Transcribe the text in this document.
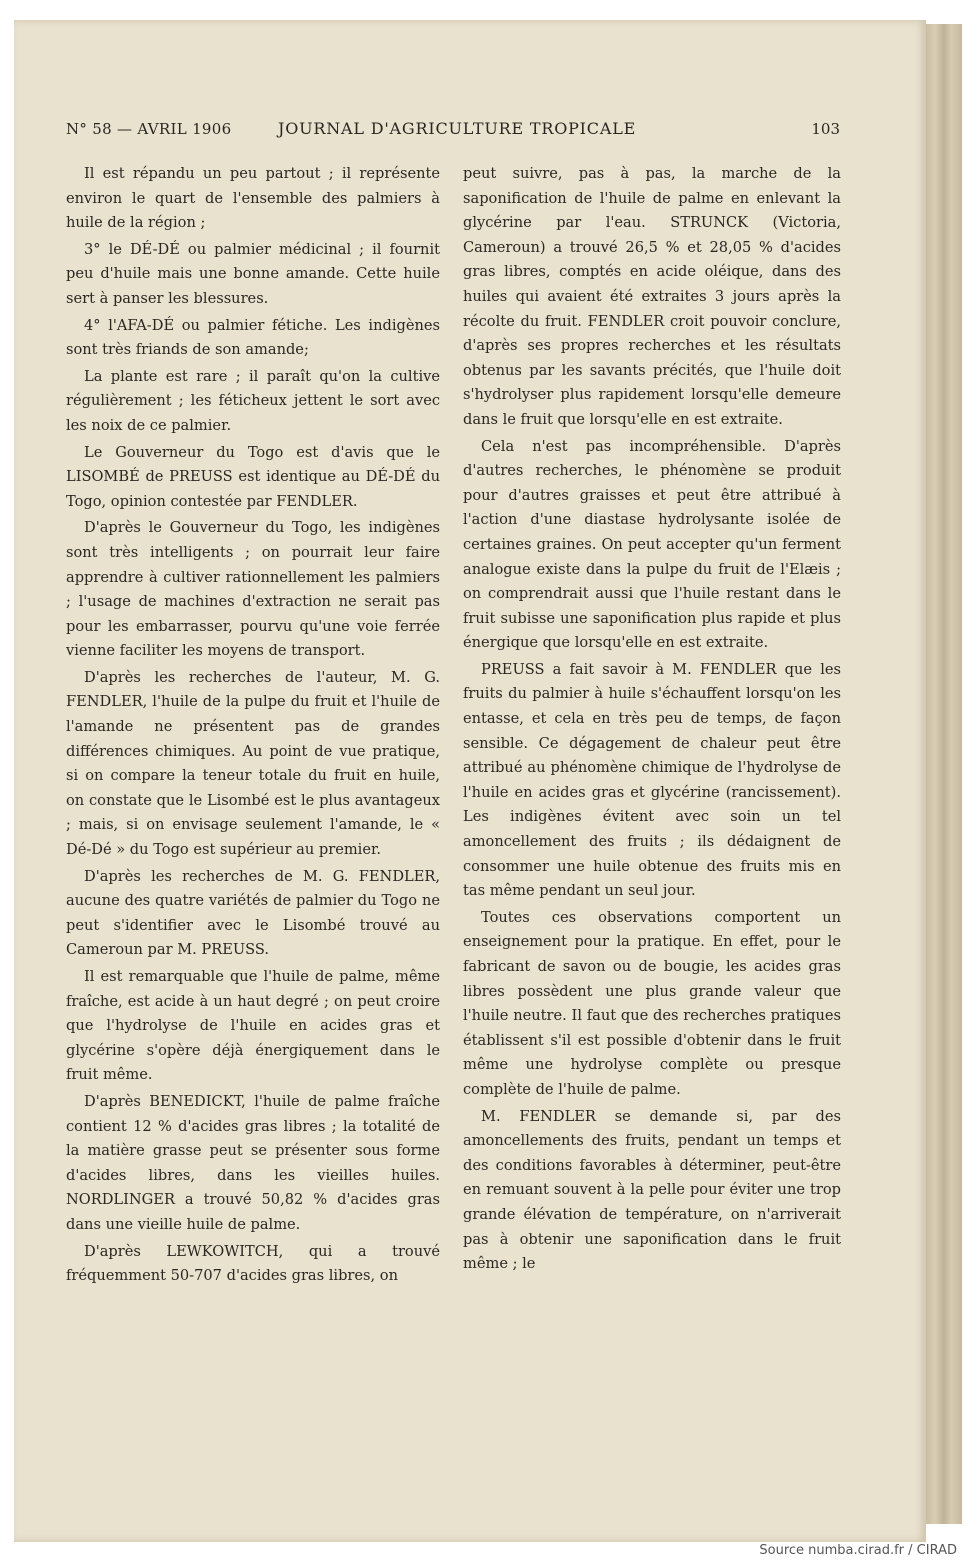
N° 58 — AVRIL 1906	JOURNAL D'AGRICULTURE TROPICALE	103

Il est répandu un peu partout ; il représente environ le quart de l'ensemble des palmiers à huile de la région ;

3° le DÉ-DÉ ou palmier médicinal ; il fournit peu d'huile mais une bonne amande. Cette huile sert à panser les blessures.

4° l'AFA-DÉ ou palmier fétiche. Les indigènes sont très friands de son amande;

La plante est rare ; il paraît qu'on la cultive régulièrement ; les féticheux jettent le sort avec les noix de ce palmier.

Le Gouverneur du Togo est d'avis que le LISOMBÉ de PREUSS est identique au DÉ-DÉ du Togo, opinion contestée par FENDLER.

D'après le Gouverneur du Togo, les indigènes sont très intelligents ; on pourrait leur faire apprendre à cultiver rationnellement les palmiers ; l'usage de machines d'extraction ne serait pas pour les embarrasser, pourvu qu'une voie ferrée vienne faciliter les moyens de transport.

D'après les recherches de l'auteur, M. G. FENDLER, l'huile de la pulpe du fruit et l'huile de l'amande ne présentent pas de grandes différences chimiques. Au point de vue pratique, si on compare la teneur totale du fruit en huile, on constate que le Lisombé est le plus avantageux ; mais, si on envisage seulement l'amande, le « Dé-Dé » du Togo est supérieur au premier.

D'après les recherches de M. G. FENDLER, aucune des quatre variétés de palmier du Togo ne peut s'identifier avec le Lisombé trouvé au Cameroun par M. PREUSS.

Il est remarquable que l'huile de palme, même fraîche, est acide à un haut degré ; on peut croire que l'hydrolyse de l'huile en acides gras et glycérine s'opère déjà énergiquement dans le fruit même.

D'après BENEDICKT, l'huile de palme fraîche contient 12 % d'acides gras libres ; la totalité de la matière grasse peut se présenter sous forme d'acides libres, dans les vieilles huiles. NORDLINGER a trouvé 50,82 % d'acides gras dans une vieille huile de palme.

D'après LEWKOWITCH, qui a trouvé fréquemment 50-707 d'acides gras libres, on

peut suivre, pas à pas, la marche de la saponification de l'huile de palme en enlevant la glycérine par l'eau. STRUNCK (Victoria, Cameroun) a trouvé 26,5 % et 28,05 % d'acides gras libres, comptés en acide oléique, dans des huiles qui avaient été extraites 3 jours après la récolte du fruit. FENDLER croit pouvoir conclure, d'après ses propres recherches et les résultats obtenus par les savants précités, que l'huile doit s'hydrolyser plus rapidement lorsqu'elle demeure dans le fruit que lorsqu'elle en est extraite.

Cela n'est pas incompréhensible. D'après d'autres recherches, le phénomène se produit pour d'autres graisses et peut être attribué à l'action d'une diastase hydrolysante isolée de certaines graines. On peut accepter qu'un ferment analogue existe dans la pulpe du fruit de l'Elæis ; on comprendrait aussi que l'huile restant dans le fruit subisse une saponification plus rapide et plus énergique que lorsqu'elle en est extraite.

PREUSS a fait savoir à M. FENDLER que les fruits du palmier à huile s'échauffent lorsqu'on les entasse, et cela en très peu de temps, de façon sensible. Ce dégagement de chaleur peut être attribué au phénomène chimique de l'hydrolyse de l'huile en acides gras et glycérine (rancissement). Les indigènes évitent avec soin un tel amoncellement des fruits ; ils dédaignent de consommer une huile obtenue des fruits mis en tas même pendant un seul jour.

Toutes ces observations comportent un enseignement pour la pratique. En effet, pour le fabricant de savon ou de bougie, les acides gras libres possèdent une plus grande valeur que l'huile neutre. Il faut que des recherches pratiques établissent s'il est possible d'obtenir dans le fruit même une hydrolyse complète ou presque complète de l'huile de palme.

M. FENDLER se demande si, par des amoncellements des fruits, pendant un temps et des conditions favorables à déterminer, peut-être en remuant souvent à la pelle pour éviter une trop grande élévation de température, on n'arriverait pas à obtenir une saponification dans le fruit même ; le

Source numba.cirad.fr / CIRAD
